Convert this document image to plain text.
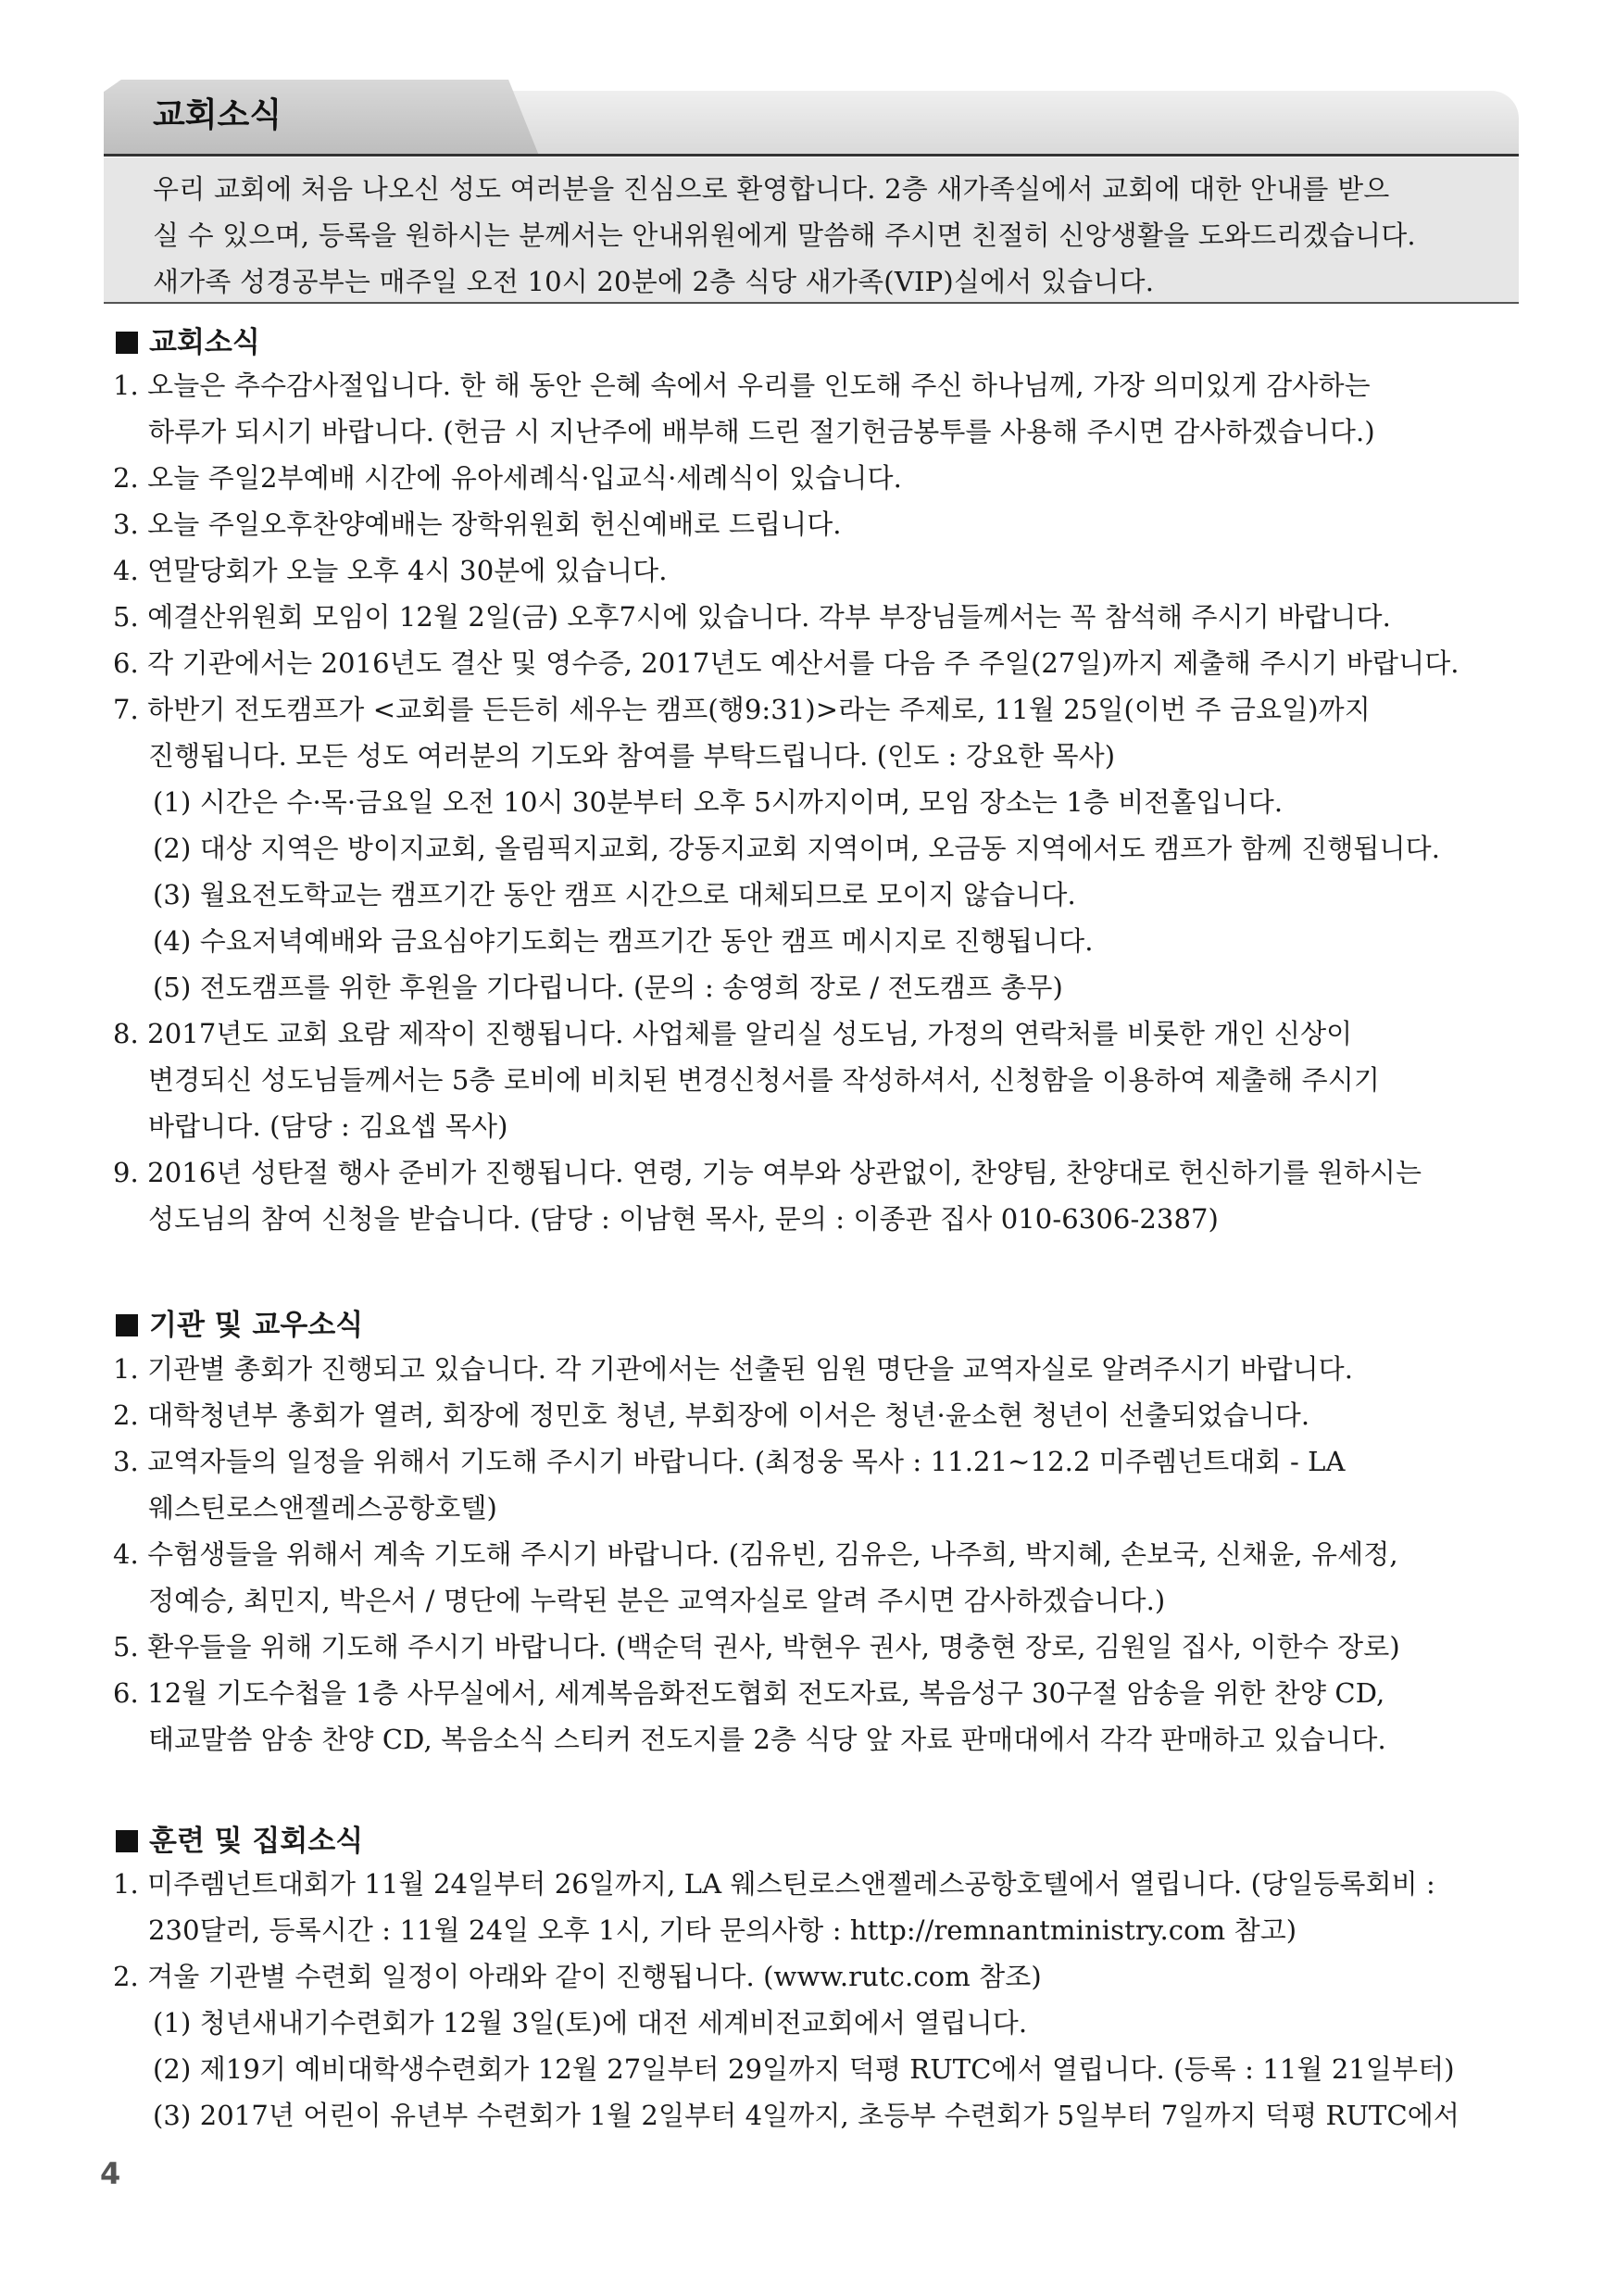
교회소식
우리 교회에 처음 나오신 성도 여러분을 진심으로 환영합니다. 2층 새가족실에서 교회에 대한 안내를 받으
실 수 있으며, 등록을 원하시는 분께서는 안내위원에게 말씀해 주시면 친절히 신앙생활을 도와드리겠습니다.
새가족 성경공부는 매주일 오전 10시 20분에 2층 식당 새가족(VIP)실에서 있습니다.
교회소식
1. 오늘은 추수감사절입니다. 한 해 동안 은혜 속에서 우리를 인도해 주신 하나님께, 가장 의미있게 감사하는
하루가 되시기 바랍니다. (헌금 시 지난주에 배부해 드린 절기헌금봉투를 사용해 주시면 감사하겠습니다.)
2. 오늘 주일2부예배 시간에 유아세례식·입교식·세례식이 있습니다.
3. 오늘 주일오후찬양예배는 장학위원회 헌신예배로 드립니다.
4. 연말당회가 오늘 오후 4시 30분에 있습니다.
5. 예결산위원회 모임이 12월 2일(금) 오후7시에 있습니다. 각부 부장님들께서는 꼭 참석해 주시기 바랍니다.
6. 각 기관에서는 2016년도 결산 및 영수증, 2017년도 예산서를 다음 주 주일(27일)까지 제출해 주시기 바랍니다.
7. 하반기 전도캠프가 <교회를 든든히 세우는 캠프(행9:31)>라는 주제로, 11월 25일(이번 주 금요일)까지
진행됩니다. 모든 성도 여러분의 기도와 참여를 부탁드립니다. (인도 : 강요한 목사)
(1) 시간은 수·목·금요일 오전 10시 30분부터 오후 5시까지이며, 모임 장소는 1층 비전홀입니다.
(2) 대상 지역은 방이지교회, 올림픽지교회, 강동지교회 지역이며, 오금동 지역에서도 캠프가 함께 진행됩니다.
(3) 월요전도학교는 캠프기간 동안 캠프 시간으로 대체되므로 모이지 않습니다.
(4) 수요저녁예배와 금요심야기도회는 캠프기간 동안 캠프 메시지로 진행됩니다.
(5) 전도캠프를 위한 후원을 기다립니다. (문의 : 송영희 장로 / 전도캠프 총무)
8. 2017년도 교회 요람 제작이 진행됩니다. 사업체를 알리실 성도님, 가정의 연락처를 비롯한 개인 신상이
변경되신 성도님들께서는 5층 로비에 비치된 변경신청서를 작성하셔서, 신청함을 이용하여 제출해 주시기
바랍니다. (담당 : 김요셉 목사)
9. 2016년 성탄절 행사 준비가 진행됩니다. 연령, 기능 여부와 상관없이, 찬양팀, 찬양대로 헌신하기를 원하시는
성도님의 참여 신청을 받습니다. (담당 : 이남현 목사, 문의 : 이종관 집사 010-6306-2387)
기관 및 교우소식
1. 기관별 총회가 진행되고 있습니다. 각 기관에서는 선출된 임원 명단을 교역자실로 알려주시기 바랍니다.
2. 대학청년부 총회가 열려, 회장에 정민호 청년, 부회장에 이서은 청년·윤소현 청년이 선출되었습니다.
3. 교역자들의 일정을 위해서 기도해 주시기 바랍니다. (최정웅 목사 : 11.21~12.2 미주렘넌트대회 - LA
웨스틴로스앤젤레스공항호텔)
4. 수험생들을 위해서 계속 기도해 주시기 바랍니다. (김유빈, 김유은, 나주희, 박지혜, 손보국, 신채윤, 유세정,
정예승, 최민지, 박은서 / 명단에 누락된 분은 교역자실로 알려 주시면 감사하겠습니다.)
5. 환우들을 위해 기도해 주시기 바랍니다. (백순덕 권사, 박현우 권사, 명충현 장로, 김원일 집사, 이한수 장로)
6. 12월 기도수첩을 1층 사무실에서, 세계복음화전도협회 전도자료, 복음성구 30구절 암송을 위한 찬양 CD,
태교말씀 암송 찬양 CD, 복음소식 스티커 전도지를 2층 식당 앞 자료 판매대에서 각각 판매하고 있습니다.
훈련 및 집회소식
1. 미주렘넌트대회가 11월 24일부터 26일까지, LA 웨스틴로스앤젤레스공항호텔에서 열립니다. (당일등록회비 :
230달러, 등록시간 : 11월 24일 오후 1시, 기타 문의사항 : http://remnantministry.com 참고)
2. 겨울 기관별 수련회 일정이 아래와 같이 진행됩니다. (www.rutc.com 참조)
(1) 청년새내기수련회가 12월 3일(토)에 대전 세계비전교회에서 열립니다.
(2) 제19기 예비대학생수련회가 12월 27일부터 29일까지 덕평 RUTC에서 열립니다. (등록 : 11월 21일부터)
(3) 2017년 어린이 유년부 수련회가 1월 2일부터 4일까지, 초등부 수련회가 5일부터 7일까지 덕평 RUTC에서
4
